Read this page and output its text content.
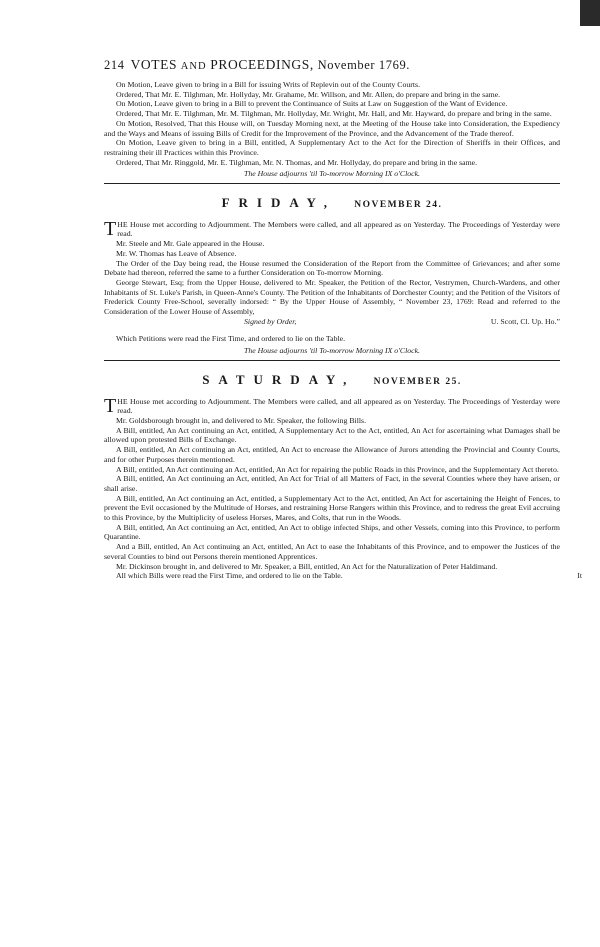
214 VOTES AND PROCEEDINGS, November 1769.

On Motion, Leave given to bring in a Bill for issuing Writs of Replevin out of the County Courts.

Ordered, That Mr. E. Tilghman, Mr. Hollyday, Mr. Grahame, Mr. Willson, and Mr. Allen, do prepare and bring in the same.

On Motion, Leave given to bring in a Bill to prevent the Continuance of Suits at Law on Suggestion of the Want of Evidence.

Ordered, That Mr. E. Tilghman, Mr. M. Tilghman, Mr. Hollyday, Mr. Wright, Mr. Hall, and Mr. Hayward, do prepare and bring in the same.

On Motion, Resolved, That this House will, on Tuesday Morning next, at the Meeting of the House take into Consideration, the Expediency and the Ways and Means of issuing Bills of Credit for the Improvement of the Province, and the Advancement of the Trade thereof.

On Motion, Leave given to bring in a Bill, entitled, A Supplementary Act to the Act for the Direction of Sheriffs in their Offices, and restraining their ill Practices within this Province.

Ordered, That Mr. Ringgold, Mr. E. Tilghman, Mr. N. Thomas, and Mr. Hollyday, do prepare and bring in the same.

The House adjourns 'til To-morrow Morning IX o'Clock.

FRIDAY, NOVEMBER 24.

THE House met according to Adjournment. The Members were called, and all appeared as on Yesterday. The Proceedings of Yesterday were read.

Mr. Steele and Mr. Gale appeared in the House.

Mr. W. Thomas has Leave of Absence.

The Order of the Day being read, the House resumed the Consideration of the Report from the Committee of Grievances; and after some Debate had thereon, referred the same to a further Consideration on To-morrow Morning.

George Stewart, Esq; from the Upper House, delivered to Mr. Speaker, the Petition of the Rector, Vestrymen, Church-Wardens, and other Inhabitants of St. Luke's Parish, in Queen-Anne's County. The Petition of the Inhabitants of Dorchester County; and the Petition of the Visitors of Frederick County Free-School, severally indorsed: “ By the Upper House of Assembly, “ November 23, 1769: Read and referred to the Consideration of the Lower House of Assembly,

Signed by Order,	U. Scott, Cl. Up. Ho.”

Which Petitions were read the First Time, and ordered to lie on the Table.

The House adjourns 'til To-morrow Morning IX o'Clock.

SATURDAY, NOVEMBER 25.

THE House met according to Adjournment. The Members were called, and all appeared as on Yesterday. The Proceedings of Yesterday were read.

Mr. Goldsborough brought in, and delivered to Mr. Speaker, the following Bills.

A Bill, entitled, An Act continuing an Act, entitled, A Supplementary Act to the Act, entitled, An Act for ascertaining what Damages shall be allowed upon protested Bills of Exchange.

A Bill, entitled, An Act continuing an Act, entitled, An Act to encrease the Allowance of Jurors attending the Provincial and County Courts, and for other Purposes therein mentioned.

A Bill, entitled, An Act continuing an Act, entitled, An Act for repairing the public Roads in this Province, and the Supplementary Act thereto.

A Bill, entitled, An Act continuing an Act, entitled, An Act for Trial of all Matters of Fact, in the several Counties where they have arisen, or shall arise.

A Bill, entitled, An Act continuing an Act, entitled, a Supplementary Act to the Act, entitled, An Act for ascertaining the Height of Fences, to prevent the Evil occasioned by the Multitude of Horses, and restraining Horse Rangers within this Province, and to redress the great Evil accruing to this Province, by the Multiplicity of useless Horses, Mares, and Colts, that run in the Woods.

A Bill, entitled, An Act continuing an Act, entitled, An Act to oblige infected Ships, and other Vessels, coming into this Province, to perform Quarantine.

And a Bill, entitled, An Act continuing an Act, entitled, An Act to ease the Inhabitants of this Province, and to empower the Justices of the several Counties to bind out Persons therein mentioned Apprentices.

Mr. Dickinson brought in, and delivered to Mr. Speaker, a Bill, entitled, An Act for the Naturalization of Peter Haldimand.

All which Bills were read the First Time, and ordered to lie on the Table.	It
